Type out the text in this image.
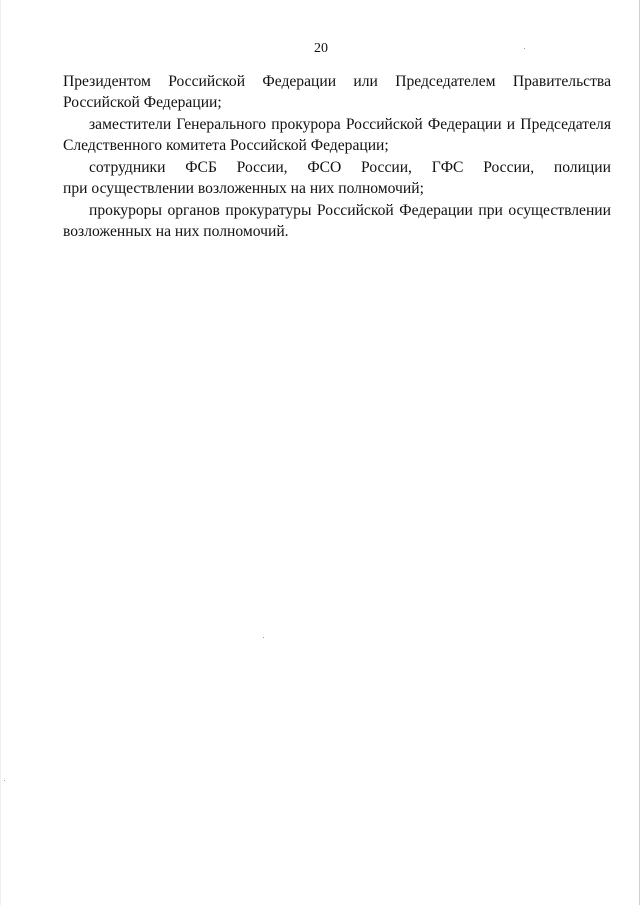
20

Президентом Российской Федерации или Председателем Правительства Российской Федерации;

заместители Генерального прокурора Российской Федерации и Председателя Следственного комитета Российской Федерации;

сотрудники ФСБ России, ФСО России, ГФС России, полиции
при осуществлении возложенных на них полномочий;

прокуроры органов прокуратуры Российской Федерации при осуществлении возложенных на них полномочий.
